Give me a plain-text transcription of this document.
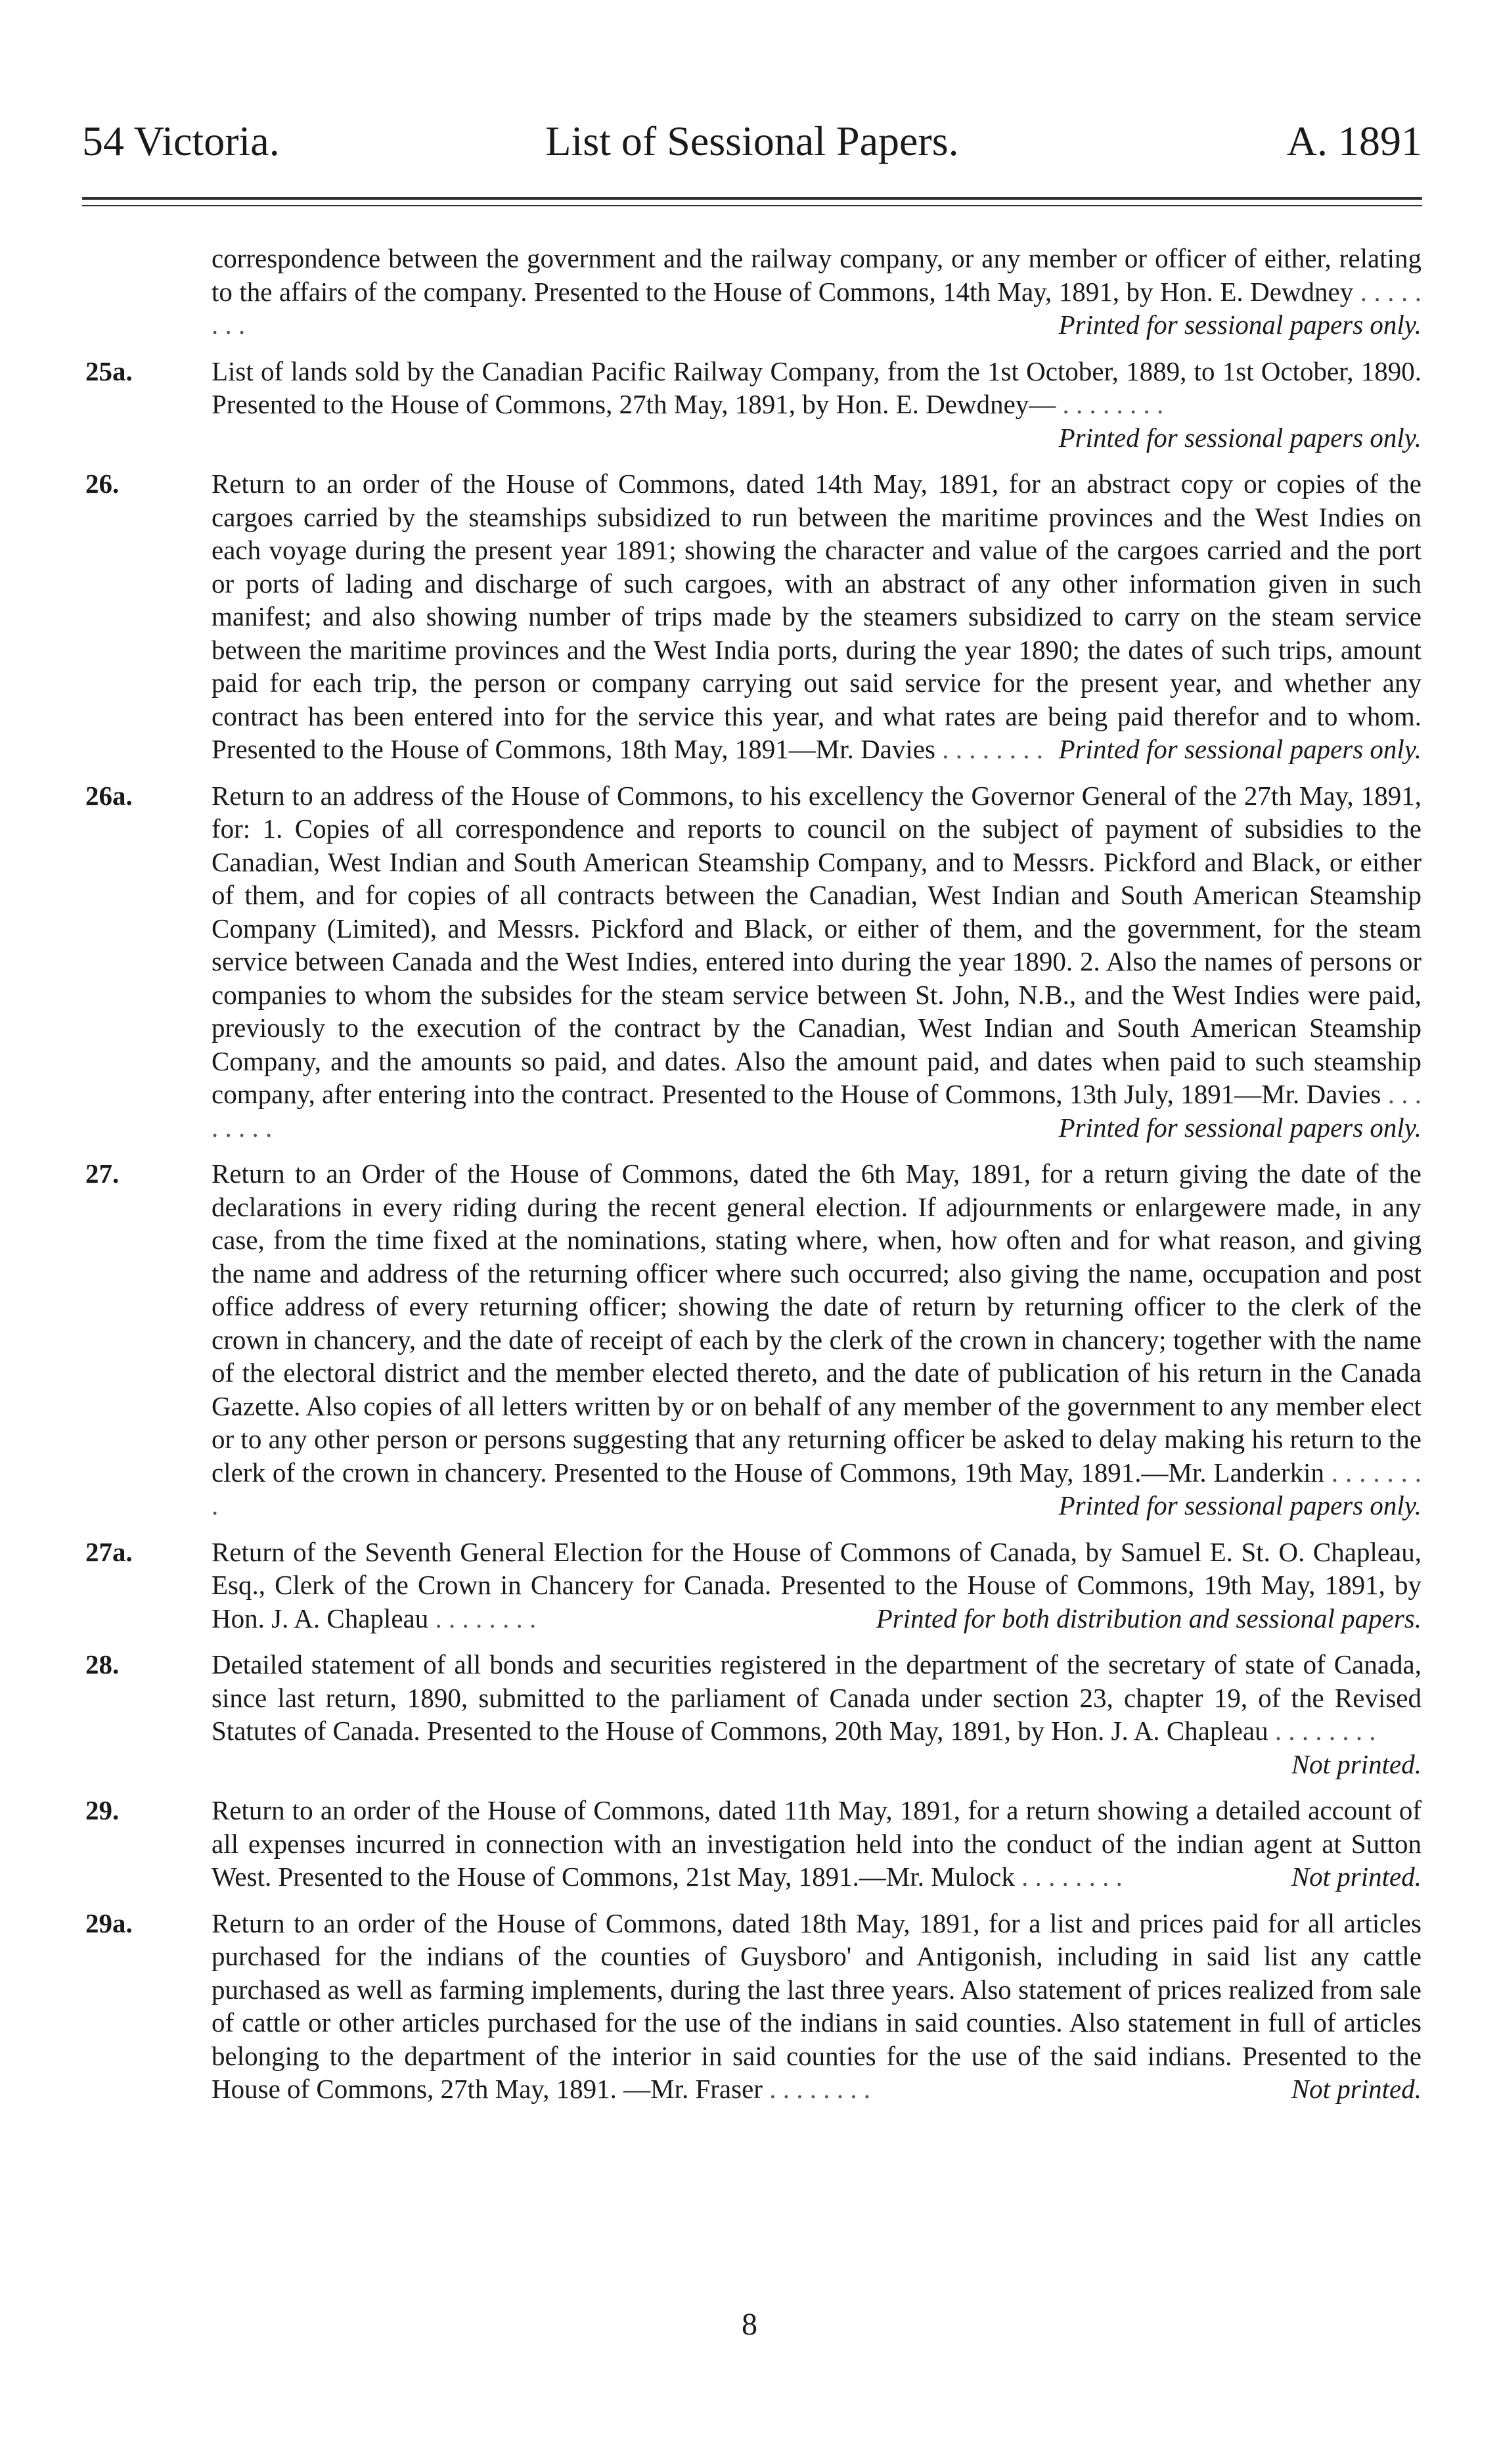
54 Victoria.	List of Sessional Papers.	A. 1891
correspondence between the government and the railway company, or any member or officer of either, relating to the affairs of the company. Presented to the House of Commons, 14th May, 1891, by Hon. E. Dewdney . . . . . . . .	Printed for sessional papers only.
25a.	List of lands sold by the Canadian Pacific Railway Company, from the 1st October, 1889, to 1st October, 1890. Presented to the House of Commons, 27th May, 1891, by Hon. E. Dewdney— . . . . . . . .
Printed for sessional papers only.
26.	Return to an order of the House of Commons, dated 14th May, 1891, for an abstract copy or copies of the cargoes carried by the steamships subsidized to run between the maritime provinces and the West Indies on each voyage during the present year 1891; showing the character and value of the cargoes carried and the port or ports of lading and discharge of such cargoes, with an abstract of any other information given in such manifest; and also showing number of trips made by the steamers subsidized to carry on the steam service between the maritime provinces and the West India ports, during the year 1890; the dates of such trips, amount paid for each trip, the person or company carrying out said service for the present year, and whether any contract has been entered into for the service this year, and what rates are being paid therefor and to whom. Presented to the House of Commons, 18th May, 1891—Mr. Davies . . . . . . . . Printed for sessional papers only.
26a.	Return to an address of the House of Commons, to his excellency the Governor General of the 27th May, 1891, for: 1. Copies of all correspondence and reports to council on the subject of payment of subsidies to the Canadian, West Indian and South American Steamship Company, and to Messrs. Pickford and Black, or either of them, and for copies of all contracts between the Canadian, West Indian and South American Steamship Company (Limited), and Messrs. Pickford and Black, or either of them, and the government, for the steam service between Canada and the West Indies, entered into during the year 1890. 2. Also the names of persons or companies to whom the subsides for the steam service between St. John, N.B., and the West Indies were paid, previously to the execution of the contract by the Canadian, West Indian and South American Steamship Company, and the amounts so paid, and dates. Also the amount paid, and dates when paid to such steamship company, after entering into the contract. Presented to the House of Commons, 13th July, 1891—Mr. Davies . . . . . . . .	Printed for sessional papers only.
27.	Return to an Order of the House of Commons, dated the 6th May, 1891, for a return giving the date of the declarations in every riding during the recent general election. If adjournments or enlargewere made, in any case, from the time fixed at the nominations, stating where, when, how often and for what reason, and giving the name and address of the returning officer where such occurred; also giving the name, occupation and post office address of every returning officer; showing the date of return by returning officer to the clerk of the crown in chancery, and the date of receipt of each by the clerk of the crown in chancery; together with the name of the electoral district and the member elected thereto, and the date of publication of his return in the Canada Gazette. Also copies of all letters written by or on behalf of any member of the government to any member elect or to any other person or persons suggesting that any returning officer be asked to delay making his return to the clerk of the crown in chancery. Presented to the House of Commons, 19th May, 1891.—Mr. Landerkin . . . . . . . .	Printed for sessional papers only.
27a.	Return of the Seventh General Election for the House of Commons of Canada, by Samuel E. St. O. Chapleau, Esq., Clerk of the Crown in Chancery for Canada. Presented to the House of Commons, 19th May, 1891, by Hon. J. A. Chapleau . . . . . . . .	Printed for both distribution and sessional papers.
28.	Detailed statement of all bonds and securities registered in the department of the secretary of state of Canada, since last return, 1890, submitted to the parliament of Canada under section 23, chapter 19, of the Revised Statutes of Canada. Presented to the House of Commons, 20th May, 1891, by Hon. J. A. Chapleau . . . . . . . .
Not printed.
29.	Return to an order of the House of Commons, dated 11th May, 1891, for a return showing a detailed account of all expenses incurred in connection with an investigation held into the conduct of the indian agent at Sutton West. Presented to the House of Commons, 21st May, 1891.—Mr. Mulock . . . . . . . .	Not printed.
29a.	Return to an order of the House of Commons, dated 18th May, 1891, for a list and prices paid for all articles purchased for the indians of the counties of Guysboro' and Antigonish, including in said list any cattle purchased as well as farming implements, during the last three years. Also statement of prices realized from sale of cattle or other articles purchased for the use of the indians in said counties. Also statement in full of articles belonging to the department of the interior in said counties for the use of the said indians. Presented to the House of Commons, 27th May, 1891. —Mr. Fraser . . . . . . . .	Not printed.
8
